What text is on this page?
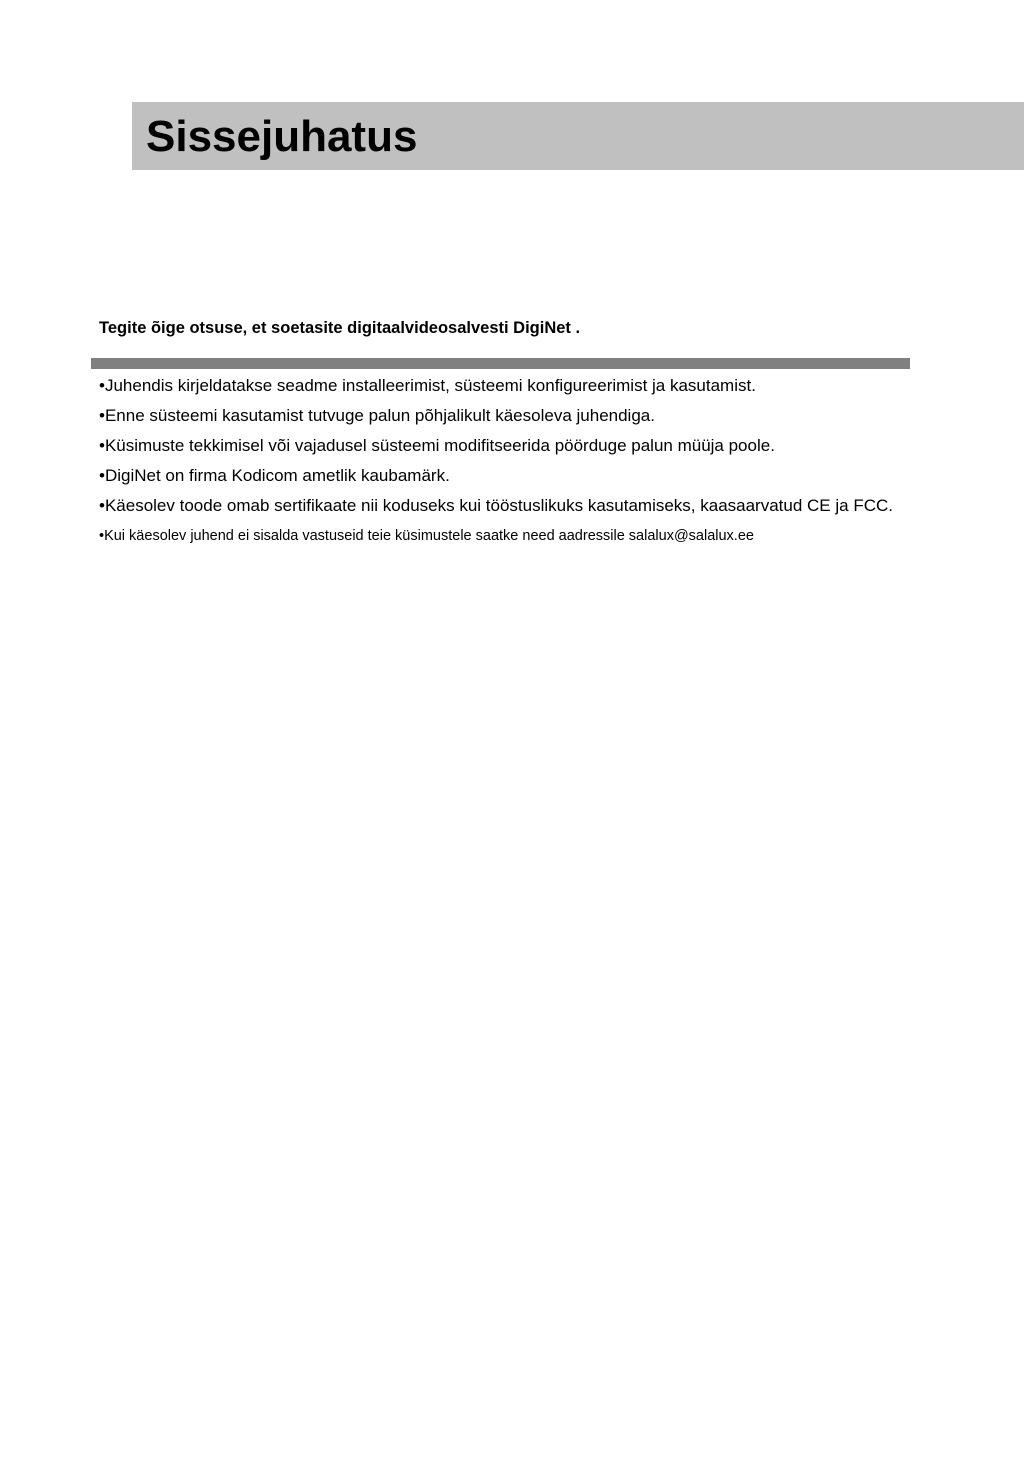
Sissejuhatus
Tegite õige otsuse, et soetasite digitaalvideosalvesti DigiNet .
•Juhendis kirjeldatakse seadme installeerimist, süsteemi konfigureerimist ja kasutamist.
•Enne süsteemi kasutamist tutvuge palun põhjalikult käesoleva juhendiga.
•Küsimuste tekkimisel või vajadusel süsteemi modifitseerida pöörduge palun müüja poole.
•DigiNet on firma Kodicom ametlik kaubamärk.
•Käesolev toode omab sertifikaate nii koduseks kui tööstuslikuks kasutamiseks, kaasaarvatud CE ja FCC.
•Kui käesolev juhend ei sisalda vastuseid teie küsimustele saatke need aadressile salalux@salalux.ee
